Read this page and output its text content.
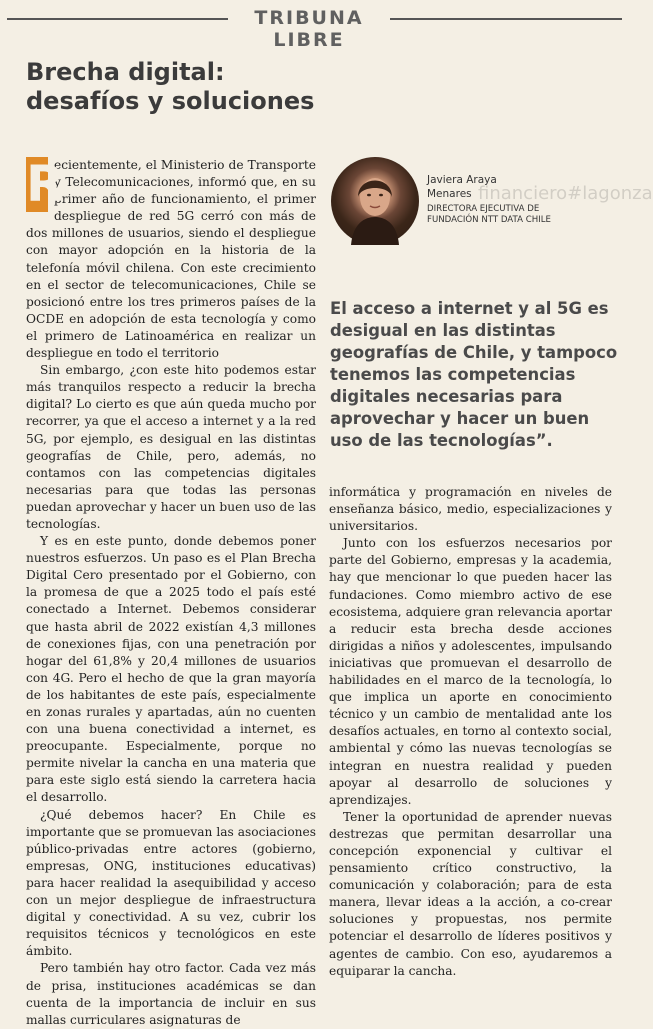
TRIBUNA LIBRE
Brecha digital: desafíos y soluciones

R
ecientemente, el Ministerio de Transporte y Telecomunicaciones, informó que, en su primer año de funcionamiento, el primer despliegue de red 5G cerró con más de dos millones de usuarios, siendo el despliegue con mayor adopción en la historia de la telefonía móvil chilena. Con este crecimiento en el sector de telecomunicaciones, Chile se posicionó entre los tres primeros países de la OCDE en adopción de esta tecnología y como el primero de Latinoamérica en realizar un despliegue en todo el territorio

Sin embargo, ¿con este hito podemos estar más tranquilos respecto a reducir la brecha digital? Lo cierto es que aún queda mucho por recorrer, ya que el acceso a internet y a la red 5G, por ejemplo, es desigual en las distintas geografías de Chile, pero, además, no contamos con las competencias digitales necesarias para que todas las personas puedan aprovechar y hacer un buen uso de las tecnologías.

Y es en este punto, donde debemos poner nuestros esfuerzos. Un paso es el Plan Brecha Digital Cero presentado por el Gobierno, con la promesa de que a 2025 todo el país esté conectado a Internet. Debemos considerar que hasta abril de 2022 existían 4,3 millones de conexiones fijas, con una penetración por hogar del 61,8% y 20,4 millones de usuarios con 4G. Pero el hecho de que la gran mayoría de los habitantes de este país, especialmente en zonas rurales y apartadas, aún no cuenten con una buena conectividad a internet, es preocupante. Especialmente, porque no permite nivelar la cancha en una materia que para este siglo está siendo la carretera hacia el desarrollo.

¿Qué debemos hacer? En Chile es importante que se promuevan las asociaciones público-privadas entre actores (gobierno, empresas, ONG, instituciones educativas) para hacer realidad la asequibilidad y acceso con un mejor despliegue de infraestructura digital y conectividad. A su vez, cubrir los requisitos técnicos y tecnológicos en este ámbito.

Pero también hay otro factor. Cada vez más de prisa, instituciones académicas se dan cuenta de la importancia de incluir en sus mallas curriculares asignaturas de

Javiera Araya Menares financiero#lagonza
DIRECTORA EJECUTIVA DE FUNDACIÓN NTT DATA CHILE

El acceso a internet y al 5G es desigual en las distintas geografías de Chile, y tampoco tenemos las competencias digitales necesarias para aprovechar y hacer un buen uso de las tecnologías”.

informática y programación en niveles de enseñanza básico, medio, especializaciones y universitarios.

Junto con los esfuerzos necesarios por parte del Gobierno, empresas y la academia, hay que mencionar lo que pueden hacer las fundaciones. Como miembro activo de ese ecosistema, adquiere gran relevancia aportar a reducir esta brecha desde acciones dirigidas a niños y adolescentes, impulsando iniciativas que promuevan el desarrollo de habilidades en el marco de la tecnología, lo que implica un aporte en conocimiento técnico y un cambio de mentalidad ante los desafíos actuales, en torno al contexto social, ambiental y cómo las nuevas tecnologías se integran en nuestra realidad y pueden apoyar al desarrollo de soluciones y aprendizajes.

Tener la oportunidad de aprender nuevas destrezas que permitan desarrollar una concepción exponencial y cultivar el pensamiento crítico constructivo, la comunicación y colaboración; para de esta manera, llevar ideas a la acción, a co-crear soluciones y propuestas, nos permite potenciar el desarrollo de líderes positivos y agentes de cambio. Con eso, ayudaremos a equiparar la cancha.
